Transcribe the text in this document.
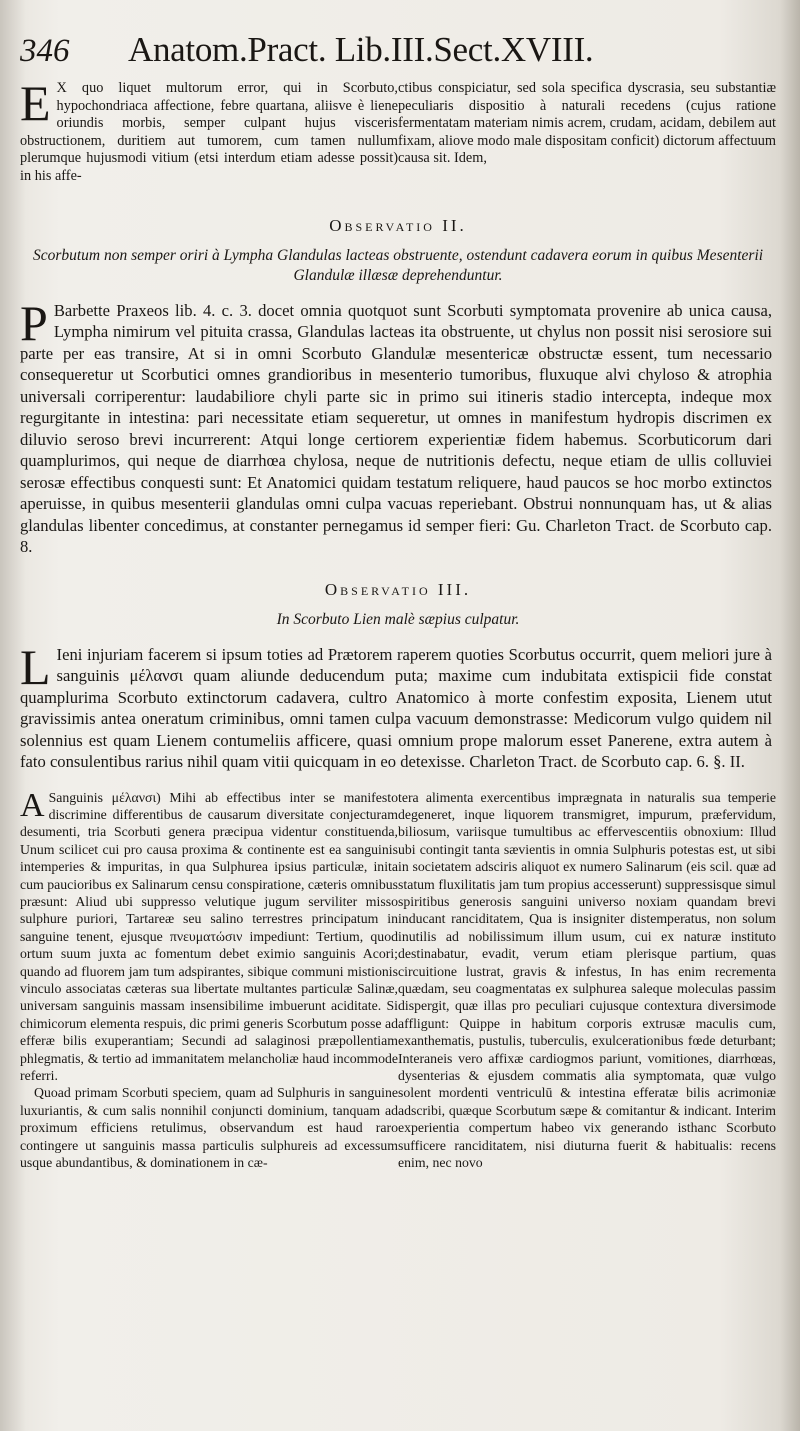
346	Anatom.Pract. Lib.III.Sect.XVIII.
E X quo liquet multorum error, qui in Scorbuto, hypochondriaca affectione, febre quartana, aliisve è liene oriundis morbis, semper culpant hujus visceris obstructionem, duritiem aut tumorem, cum tamen nullum plerumque hujusmodi vitium (etsi interdum etiam adesse possit) in his affe-
ctibus conspiciatur, sed sola specifica dyscrasia, seu substantiæ peculiaris dispositio à naturali recedens (cujus ratione fermentatam materiam nimis acrem, crudam, acidam, debilem aut fixam, aliove modo male dispositam conficit) dictorum affectuum causa sit. Idem,
Observatio II.
Scorbutum non semper oriri à Lympha Glandulas lacteas obstruente, ostendunt cadavera eorum in quibus Mesenterii Glandulæ illæsæ deprehenduntur.
P Barbette Praxeos lib. 4. c. 3. docet omnia quotquot sunt Scorbuti symptomata provenire ab unica causa, Lympha nimirum vel pituita crassa, Glandulas lacteas ita obstruente, ut chylus non possit nisi serosiore sui parte per eas transire, At si in omni Scorbuto Glandulæ mesentericæ obstructæ essent, tum necessario consequeretur ut Scorbutici omnes grandioribus in mesenterio tumoribus, fluxuque alvi chyloso & atrophia universali corriperentur: laudabiliore chyli parte sic in primo sui itineris stadio intercepta, indeque mox regurgitante in intestina: pari necessitate etiam sequeretur, ut omnes in manifestum hydropis discrimen ex diluvio seroso brevi incurrerent: Atqui longe certiorem experientiæ fidem habemus. Scorbuticorum dari quamplurimos, qui neque de diarrhœa chylosa, neque de nutritionis defectu, neque etiam de ullis colluviei serosæ effectibus conquesti sunt: Et Anatomici quidam testatum reliquere, haud paucos se hoc morbo extinctos aperuisse, in quibus mesenterii glandulas omni culpa vacuas reperiebant. Obstrui nonnunquam has, ut & alias glandulas libenter concedimus, at constanter pernegamus id semper fieri: Gu. Charleton Tract. de Scorbuto cap. 8.
Observatio III.
In Scorbuto Lien malè sæpius culpatur.
L Ieni injuriam facerem si ipsum toties ad Prætorem raperem quoties Scorbutus occurrit, quem meliori jure à sanguinis μέλανσι quam aliunde deducendum puta; maxime cum indubitata extispicii fide constat quamplurima Scorbuto extinctorum cadavera, cultro Anatomico à morte confestim exposita, Lienem utut gravissimis antea oneratum criminibus, omni tamen culpa vacuum demonstrasse: Medicorum vulgo quidem nil solennius est quam Lienem contumeliis afficere, quasi omnium prope malorum esset Panerene, extra autem à fato consulentibus rarius nihil quam vitii quicquam in eo detexisse. Charleton Tract. de Scorbuto cap. 6. §. II.

A Sanguinis μέλανσι) Mihi ab effectibus inter se manifesto discrimine differentibus de causarum diversitate conjecturam desumenti, tria Scorbuti genera præcipua videntur constituenda, Unum scilicet cui pro causa proxima & continente est ea sanguinis intemperies & impuritas, in qua Sulphurea ipsius particulæ, inita cum paucioribus ex Salinarum censu conspiratione, cæteris omnibus præsunt: Aliud ubi suppresso velutique jugum serviliter misso sulphure puriori, Tartareæ seu salino terrestres principatum in sanguine tenent, ejusque πνευματώσιν impediunt: Tertium, quod ortum suum juxta ac fomentum debet eximio sanguinis Acori; quando ad fluorem jam tum adspirantes, sibique communi mistionis vinculo associatas cæteras sua libertate multantes particulæ Salinæ, universam sanguinis massam insensibilime imbuerunt aciditate. Si chimicorum elementa respuis, dic primi generis Scorbutum posse ad efferæ bilis exuperantiam; Secundi ad salaginosi præpollentiam phlegmatis, & tertio ad immanitatem melancholiæ haud incommode referri.

Quoad primam Scorbuti speciem, quam ad Sulphuris in sanguine luxuriantis, & cum salis nonnihil conjuncti dominium, tanquam ad proximum efficiens retulimus, observandum est haud raro contingere ut sanguinis massa particulis sulphureis ad excessum usque abundantibus, & dominationem in cæ-

tera alimenta exercentibus imprægnata in naturalis sua temperie degeneret, inque liquorem transmigret, impurum, præfervidum, biliosum, variisque tumultibus ac effervescentiis obnoxium: Illud ubi contingit tanta sævientis in omnia Sulphuris potestas est, ut sibi in societatem adsciris aliquot ex numero Salinarum (eis scil. quæ ad statum fluxilitatis jam tum propius accesserunt) suppressisque simul spiritibus generosis sanguini universo noxiam quandam brevi inducant ranciditatem, Qua is insigniter distemperatus, non solum inutilis ad nobilissimum illum usum, cui ex naturæ instituto destinabatur, evadit, verum etiam plerisque partium, quas circuitione lustrat, gravis & infestus, In has enim recrementa quædam, seu coagmentatas ex sulphurea saleque moleculas passim dispergit, quæ illas pro peculiari cujusque contextura diversimode affligunt: Quippe in habitum corporis extrusæ maculis cum, exanthematis, pustulis, tuberculis, exulcerationibus fœde deturbant; Interaneis vero affixæ cardiogmos pariunt, vomitiones, diarrhœas, dysenterias & ejusdem commatis alia symptomata, quæ vulgo solent mordenti ventriculū & intestina efferatæ bilis acrimoniæ adscribi, quæque Scorbutum sæpe & comitantur & indicant. Interim experientia compertum habeo vix generando isthanc Scorbuto sufficere ranciditatem, nisi diuturna fuerit & habitualis: recens enim, nec novo
